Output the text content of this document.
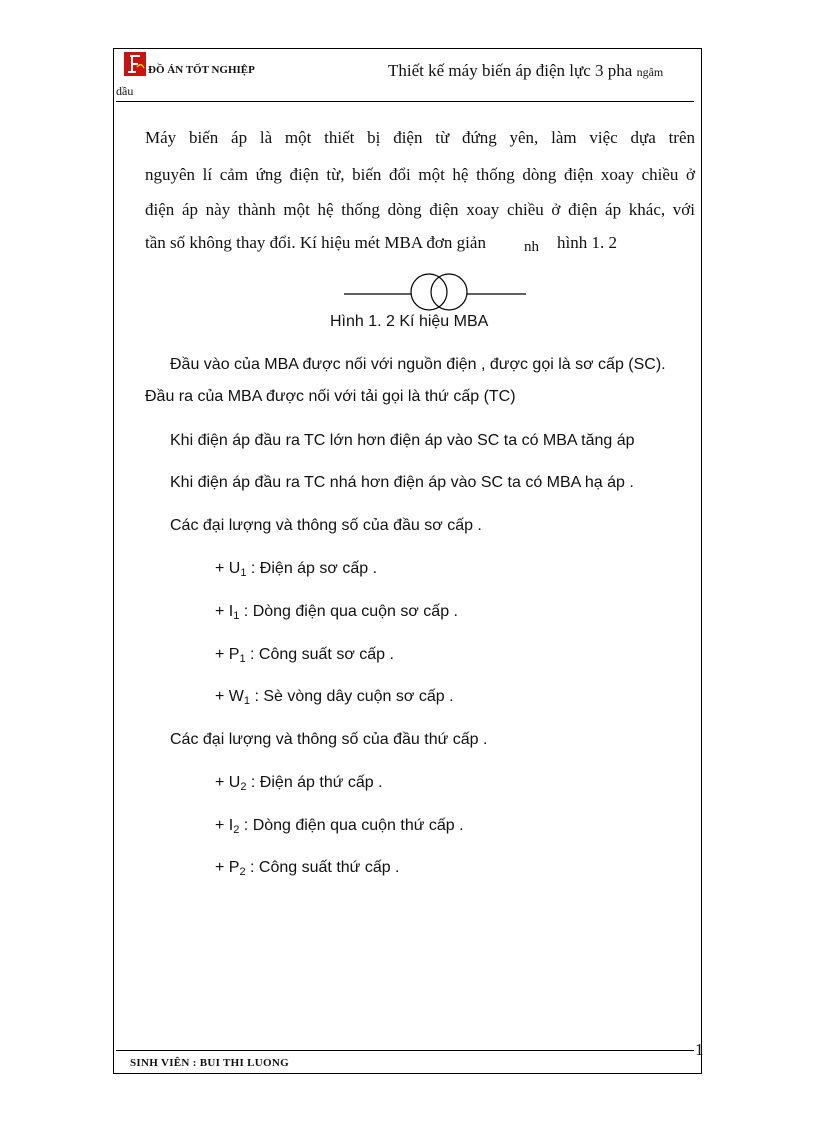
ĐỒ ÁN TỐT NGHIỆP	Thiết kế máy biến áp điện lực 3 pha ngâm
dầu
Máy biến áp là một thiết bị điện từ đứng yên, làm việc dựa trên
nguyên lí cảm ứng điện từ, biến đổi một hệ thống dòng điện xoay chiều ở
điện áp này thành một hệ thống dòng điện xoay chiều ở điện áp khác, với
tần số không thay đổi. Kí hiệu mét MBA đơn giản	nh hình 1. 2
Hình 1. 2 Kí hiệu MBA
Đầu vào của MBA được nối với nguồn điện , được gọi là sơ cấp (SC).
Đầu ra của MBA được nối với tải gọi là thứ cấp (TC)
Khi điện áp đầu ra TC lớn hơn điện áp vào SC ta có MBA tăng áp
Khi điện áp đầu ra TC nhá hơn điện áp vào SC ta có MBA hạ áp .
Các đại lượng và thông số của đầu sơ cấp .
+ $U_1$ : Điện áp sơ cấp .
+ $I_1$ : Dòng điện qua cuộn sơ cấp .
+ $P_1$ : Công suất sơ cấp .
+ $W_1$ : Sè vòng dây cuộn sơ cấp .
Các đại lượng và thông số của đầu thứ cấp .
+ $U_2$ : Điện áp thứ cấp .
+ $I_2$ : Dòng điện qua cuộn thứ cấp .
+ $P_2$ : Công suất thứ cấp .
1
SINH VIÊN : BUI THI LUONG
